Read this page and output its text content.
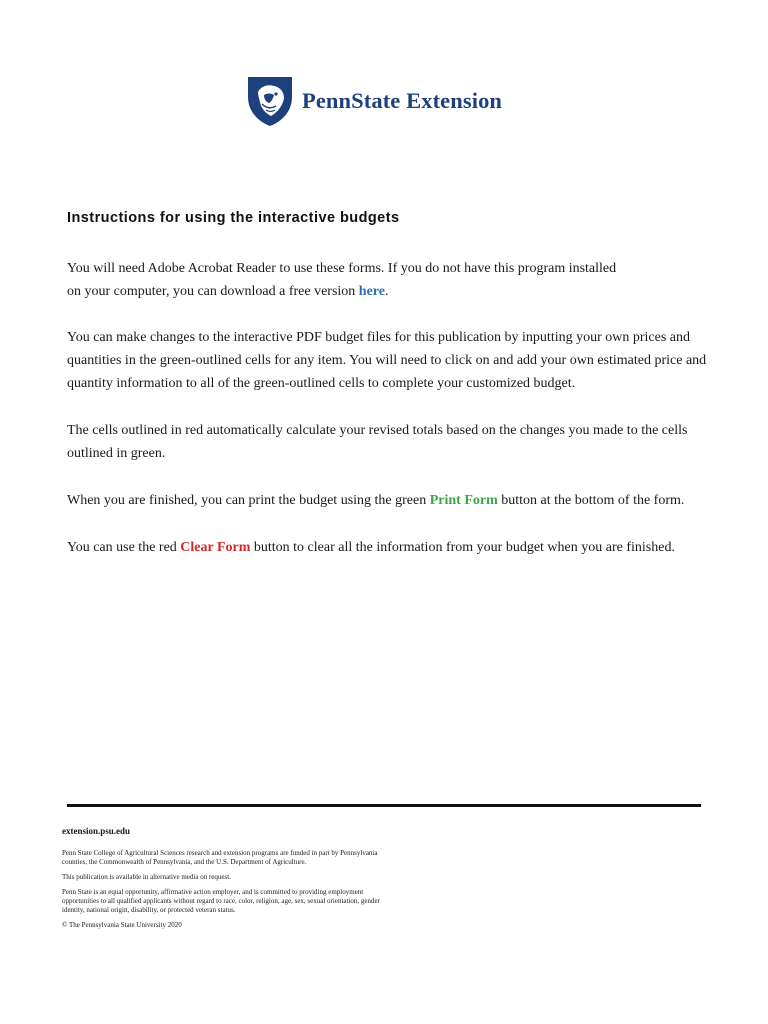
PennState Extension
Instructions for using the interactive budgets

You will need Adobe Acrobat Reader to use these forms. If you do not have this program installed
on your computer, you can download a free version here.

You can make changes to the interactive PDF budget files for this publication by inputting your own prices and quantities in the green-outlined cells for any item. You will need to click on and add your own estimated price and quantity information to all of the green-outlined cells to complete your customized budget.

The cells outlined in red automatically calculate your revised totals based on the changes you made to the cells outlined in green.

When you are finished, you can print the budget using the green Print Form button at the bottom of the form.

You can use the red Clear Form button to clear all the information from your budget when you are finished.

extension.psu.edu

Penn State College of Agricultural Sciences research and extension programs are funded in part by Pennsylvania counties, the Commonwealth of Pennsylvania, and the U.S. Department of Agriculture.

This publication is available in alternative media on request.

Penn State is an equal opportunity, affirmative action employer, and is committed to providing employment opportunities to all qualified applicants without regard to race, color, religion, age, sex, sexual orientation, gender identity, national origin, disability, or protected veteran status.

© The Pennsylvania State University 2020
